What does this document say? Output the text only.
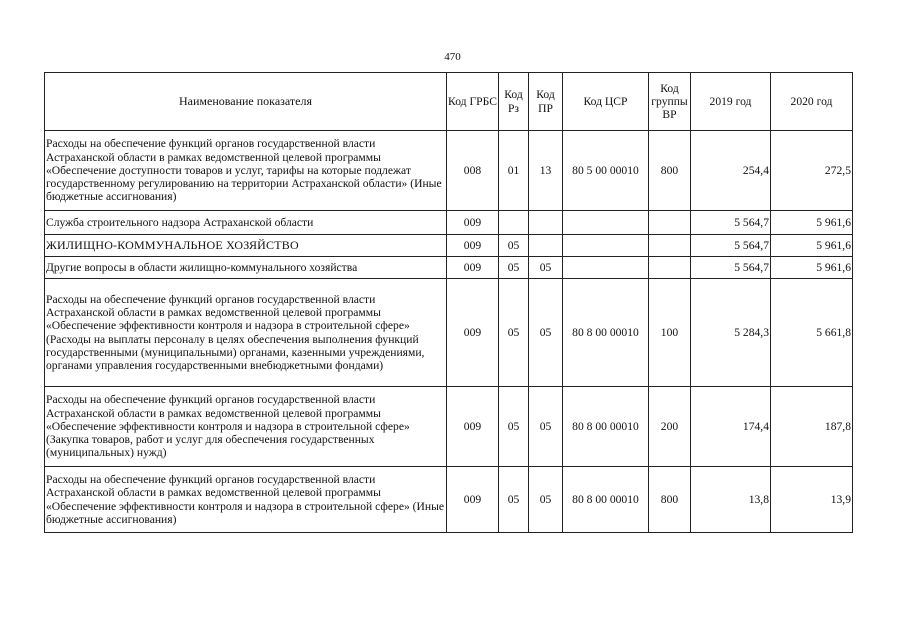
470
Наименование показателя	Код ГРБС	Код Рз	Код ПР	Код ЦСР	Код группы ВР	2019 год	2020 год
Расходы на обеспечение функций органов государственной власти Астраханской области в рамках ведомственной целевой программы «Обеспечение доступности товаров и услуг, тарифы на которые подлежат государственному регулированию на территории Астраханской области» (Иные бюджетные ассигнования)	008	01	13	80 5 00 00010	800	254,4	272,5
Служба строительного надзора Астраханской области	009					5 564,7	5 961,6
ЖИЛИЩНО-КОММУНАЛЬНОЕ ХОЗЯЙСТВО	009	05				5 564,7	5 961,6
Другие вопросы в области жилищно-коммунального хозяйства	009	05	05			5 564,7	5 961,6
Расходы на обеспечение функций органов государственной власти Астраханской области в рамках ведомственной целевой программы «Обеспечение эффективности контроля и надзора в строительной сфере» (Расходы на выплаты персоналу в целях обеспечения выполнения функций государственными (муниципальными) органами, казенными учреждениями, органами управления государственными внебюджетными фондами)	009	05	05	80 8 00 00010	100	5 284,3	5 661,8
Расходы на обеспечение функций органов государственной власти Астраханской области в рамках ведомственной целевой программы «Обеспечение эффективности контроля и надзора в строительной сфере» (Закупка товаров, работ и услуг для обеспечения государственных (муниципальных) нужд)	009	05	05	80 8 00 00010	200	174,4	187,8
Расходы на обеспечение функций органов государственной власти Астраханской области в рамках ведомственной целевой программы «Обеспечение эффективности контроля и надзора в строительной сфере» (Иные бюджетные ассигнования)	009	05	05	80 8 00 00010	800	13,8	13,9
